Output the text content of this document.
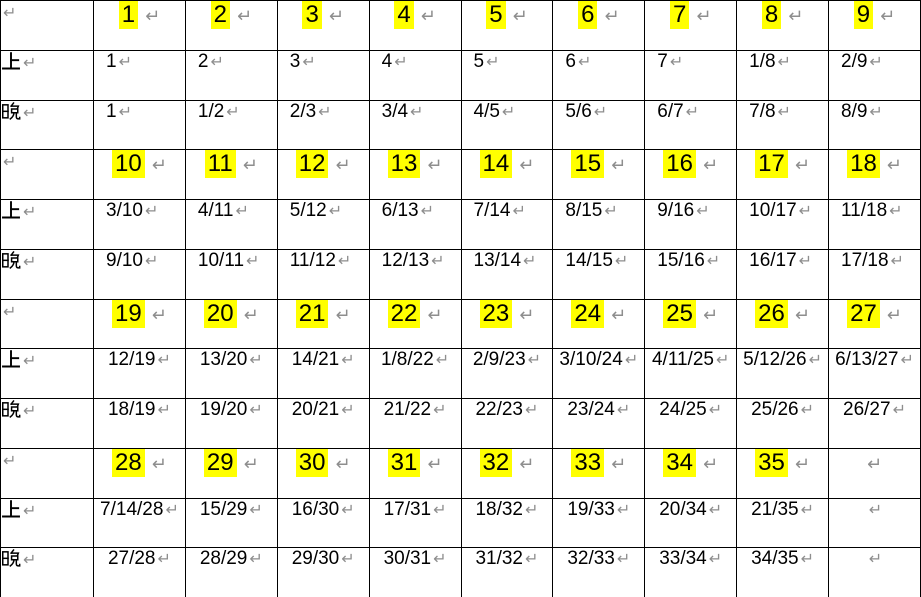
↵	1 ↵	2 ↵	3 ↵	4 ↵	5 ↵	6 ↵	7 ↵	8 ↵	9 ↵

↵	1 ↵	2 ↵	3 ↵	4 ↵	5 ↵	6 ↵	7 ↵	1/8 ↵	2/9 ↵

↵	1 ↵	1/2 ↵	2/3 ↵	3/4 ↵	4/5 ↵	5/6 ↵	6/7 ↵	7/8 ↵	8/9 ↵
↵	10 ↵	11 ↵	12 ↵	13 ↵	14 ↵	15 ↵	16 ↵	17 ↵	18 ↵

↵	3/10 ↵	4/11 ↵	5/12 ↵	6/13 ↵	7/14 ↵	8/15 ↵	9/16 ↵	10/17 ↵	11/18 ↵

↵	9/10 ↵	10/11 ↵	11/12 ↵	12/13 ↵	13/14 ↵	14/15 ↵	15/16 ↵	16/17 ↵	17/18 ↵
↵	19 ↵	20 ↵	21 ↵	22 ↵	23 ↵	24 ↵	25 ↵	26 ↵	27 ↵

↵	12/19 ↵	13/20 ↵	14/21 ↵	1/8/22 ↵	2/9/23 ↵	3/10/24 ↵	4/11/25 ↵	5/12/26 ↵	6/13/27 ↵

↵	18/19 ↵	19/20 ↵	20/21 ↵	21/22 ↵	22/23 ↵	23/24 ↵	24/25 ↵	25/26 ↵	26/27 ↵
↵	28 ↵	29 ↵	30 ↵	31 ↵	32 ↵	33 ↵	34 ↵	35 ↵	↵

↵	7/14/28 ↵	15/29 ↵	16/30 ↵	17/31 ↵	18/32 ↵	19/33 ↵	20/34 ↵	21/35 ↵	↵

↵	27/28 ↵	28/29 ↵	29/30 ↵	30/31 ↵	31/32 ↵	32/33 ↵	33/34 ↵	34/35 ↵	↵
